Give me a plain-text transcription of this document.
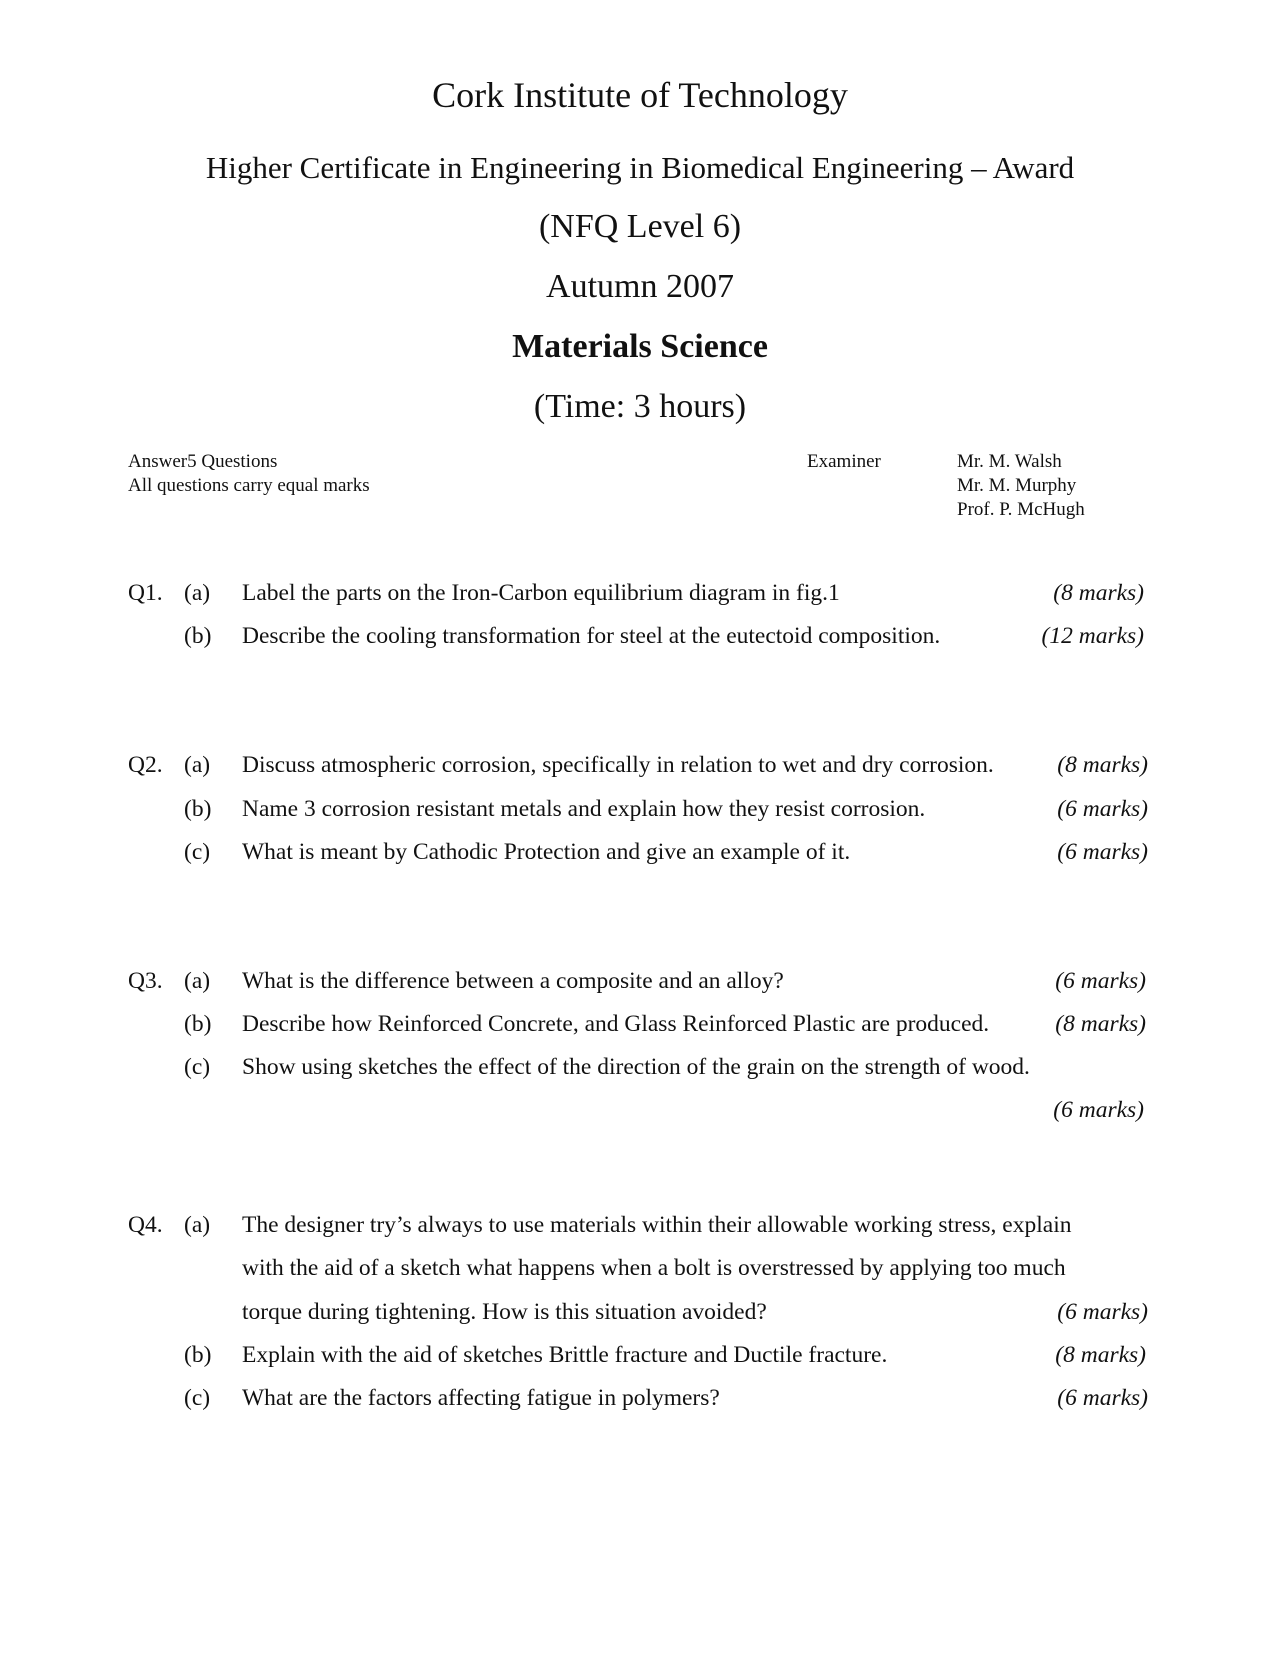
Cork Institute of Technology
Higher Certificate in Engineering in Biomedical Engineering – Award
(NFQ Level 6)
Autumn 2007
Materials Science
(Time: 3 hours)
Answer5 Questions
All questions carry equal marks
Examiner	Mr. M. Walsh
Mr. M. Murphy
Prof. P. McHugh
Q1. (a) Label the parts on the Iron-Carbon equilibrium diagram in fig.1	(8 marks)
(b) Describe the cooling transformation for steel at the eutectoid composition.	(12 marks)
Q2. (a) Discuss atmospheric corrosion, specifically in relation to wet and dry corrosion.	(8 marks)
(b) Name 3 corrosion resistant metals and explain how they resist corrosion.	(6 marks)
(c) What is meant by Cathodic Protection and give an example of it.	(6 marks)
Q3. (a) What is the difference between a composite and an alloy?	(6 marks)
(b) Describe how Reinforced Concrete, and Glass Reinforced Plastic are produced.	(8 marks)
(c) Show using sketches the effect of the direction of the grain on the strength of wood.
(6 marks)
Q4. (a) The designer try’s always to use materials within their allowable working stress, explain
with the aid of a sketch what happens when a bolt is overstressed by applying too much
torque during tightening. How is this situation avoided?	(6 marks)
(b) Explain with the aid of sketches Brittle fracture and Ductile fracture.	(8 marks)
(c) What are the factors affecting fatigue in polymers?	(6 marks)
